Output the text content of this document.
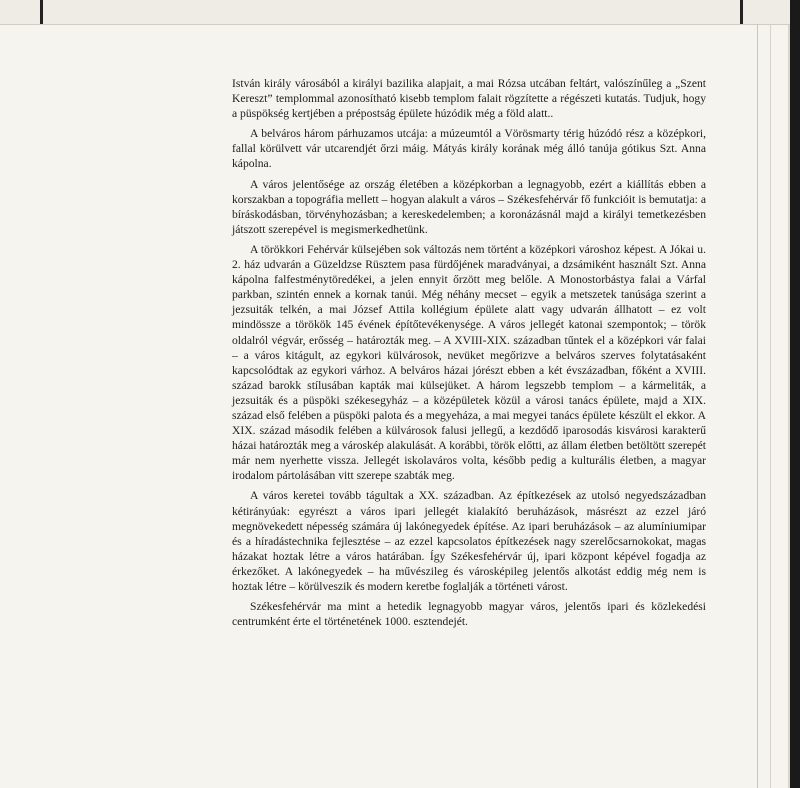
István király városából a királyi bazilika alapjait, a mai Rózsa utcában feltárt, valószínűleg a „Szent Kereszt” templommal azonosítható kisebb templom falait rögzítette a régészeti kutatás. Tudjuk, hogy a püspökség kertjében a prépostság épülete húzódik még a föld alatt..

A belváros három párhuzamos utcája: a múzeumtól a Vörösmarty térig húzódó rész a középkori, fallal körülvett vár utcarendjét őrzi máig. Mátyás király korának még álló tanúja gótikus Szt. Anna kápolna.

A város jelentősége az ország életében a középkorban a legnagyobb, ezért a kiállítás ebben a korszakban a topográfia mellett – hogyan alakult a város – Székesfehérvár fő funkcióit is bemutatja: a bíráskodásban, törvényhozásban; a kereskedelemben; a koronázásnál majd a királyi temetkezésben játszott szerepével is megismerkedhetünk.

A törökkori Fehérvár külsejében sok változás nem történt a középkori városhoz képest. A Jókai u. 2. ház udvarán a Güzeldzse Rüsztem pasa fürdőjének maradványai, a dzsámiként használt Szt. Anna kápolna falfestménytöredékei, a jelen ennyit őrzött meg belőle. A Monostorbástya falai a Várfal parkban, szintén ennek a kornak tanúi. Még néhány mecset – egyik a metszetek tanúsága szerint a jezsuiták telkén, a mai József Attila kollégium épülete alatt vagy udvarán állhatott – ez volt mindössze a törökök 145 évének építőtevékenysége. A város jellegét katonai szempontok; – török oldalról végvár, erősség – határozták meg. – A XVIII-XIX. században tűntek el a középkori vár falai – a város kitágult, az egykori külvárosok, nevüket megőrizve a belváros szerves folytatásaként kapcsolódtak az egykori várhoz. A belváros házai jórészt ebben a két évszázadban, főként a XVIII. század barokk stílusában kapták mai külsejüket. A három legszebb templom – a kármeliták, a jezsuiták és a püspöki székesegyház – a középületek közül a városi tanács épülete, majd a XIX. század első felében a püspöki palota és a megyeháza, a mai megyei tanács épülete készült el ekkor. A XIX. század második felében a külvárosok falusi jellegű, a kezdődő iparosodás kisvárosi karakterű házai határozták meg a városkép alakulását. A korábbi, török előtti, az állam életben betöltött szerepét már nem nyerhette vissza. Jellegét iskolaváros volta, később pedig a kulturális életben, a magyar irodalom pártolásában vitt szerepe szabták meg.

A város keretei tovább tágultak a XX. században. Az építkezések az utolsó negyedszázadban kétirányúak: egyrészt a város ipari jellegét kialakító beruházások, másrészt az ezzel járó megnövekedett népesség számára új lakónegyedek építése. Az ipari beruházások – az alumíniumipar és a híradástechnika fejlesztése – az ezzel kapcsolatos építkezések nagy szerelőcsarnokokat, magas házakat hoztak létre a város határában. Így Székesfehérvár új, ipari központ képével fogadja az érkezőket. A lakónegyedek – ha művészileg és városképileg jelentős alkotást eddig még nem is hoztak létre – körülveszik és modern keretbe foglalják a történeti várost.

Székesfehérvár ma mint a hetedik legnagyobb magyar város, jelentős ipari és közlekedési centrumként érte el történetének 1000. esztendejét.
